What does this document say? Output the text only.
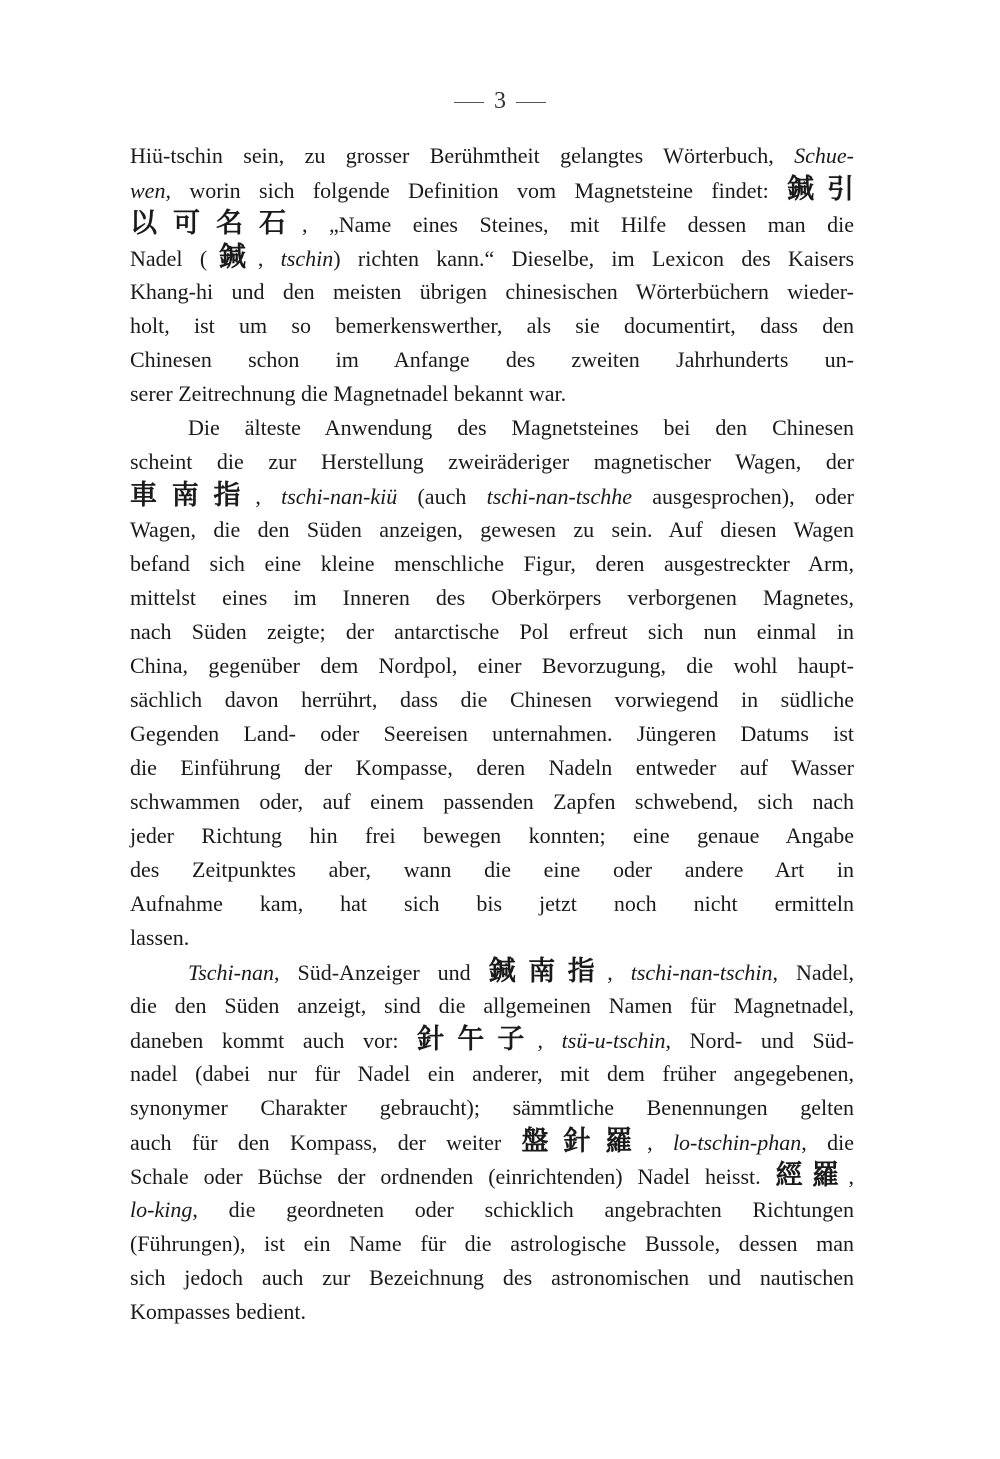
3
Hiü-tschin sein, zu grosser Berühmtheit gelangtes Wörterbuch, Schue-
wen, worin sich folgende Definition vom Magnetsteine findet: 鍼引
以可名石, „Name eines Steines, mit Hilfe dessen man die
Nadel (鍼, tschin) richten kann.“ Dieselbe, im Lexicon des Kaisers
Khang-hi und den meisten übrigen chinesischen Wörterbüchern wieder-
holt, ist um so bemerkenswerther, als sie documentirt, dass den
Chinesen schon im Anfange des zweiten Jahrhunderts un-
serer Zeitrechnung die Magnetnadel bekannt war.
Die älteste Anwendung des Magnetsteines bei den Chinesen
scheint die zur Herstellung zweiräderiger magnetischer Wagen, der
車南指, tschi-nan-kiü (auch tschi-nan-tschhe ausgesprochen), oder
Wagen, die den Süden anzeigen, gewesen zu sein. Auf diesen Wagen
befand sich eine kleine menschliche Figur, deren ausgestreckter Arm,
mittelst eines im Inneren des Oberkörpers verborgenen Magnetes,
nach Süden zeigte; der antarctische Pol erfreut sich nun einmal in
China, gegenüber dem Nordpol, einer Bevorzugung, die wohl haupt-
sächlich davon herrührt, dass die Chinesen vorwiegend in südliche
Gegenden Land- oder Seereisen unternahmen. Jüngeren Datums ist
die Einführung der Kompasse, deren Nadeln entweder auf Wasser
schwammen oder, auf einem passenden Zapfen schwebend, sich nach
jeder Richtung hin frei bewegen konnten; eine genaue Angabe
des Zeitpunktes aber, wann die eine oder andere Art in
Aufnahme kam, hat sich bis jetzt noch nicht ermitteln
lassen.
Tschi-nan, Süd-Anzeiger und 鍼南指, tschi-nan-tschin, Nadel,
die den Süden anzeigt, sind die allgemeinen Namen für Magnetnadel,
daneben kommt auch vor: 針午子, tsü-u-tschin, Nord- und Süd-
nadel (dabei nur für Nadel ein anderer, mit dem früher angegebenen,
synonymer Charakter gebraucht); sämmtliche Benennungen gelten
auch für den Kompass, der weiter 盤針羅, lo-tschin-phan, die
Schale oder Büchse der ordnenden (einrichtenden) Nadel heisst. 經羅,
lo-king, die geordneten oder schicklich angebrachten Richtungen
(Führungen), ist ein Name für die astrologische Bussole, dessen man
sich jedoch auch zur Bezeichnung des astronomischen und nautischen
Kompasses bedient.
